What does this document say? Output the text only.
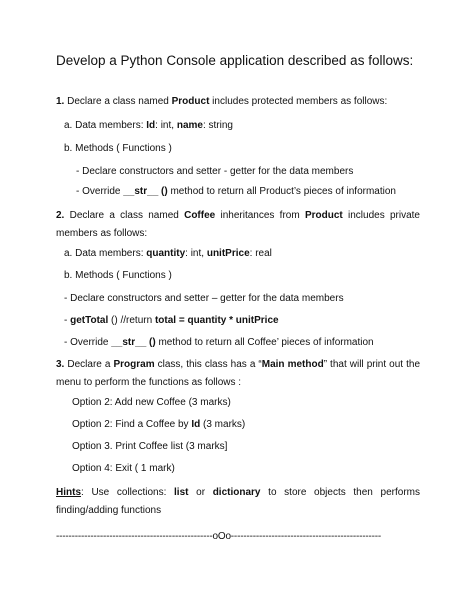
Develop a Python Console application described as follows:
1. Declare a class named Product includes protected members as follows:
a. Data members: Id: int, name: string
b. Methods ( Functions )
- Declare constructors and setter - getter for the data members
- Override __str__ () method to return all Product’s pieces of information
2. Declare a class named Coffee inheritances from Product includes private members as follows:
a. Data members: quantity: int, unitPrice: real
b. Methods ( Functions )
- Declare constructors and setter – getter for the data members
- getTotal () //return total = quantity * unitPrice
- Override __str__ () method to return all Coffee’ pieces of information
3. Declare a Program class, this class has a “Main method” that will print out the menu to perform the functions as follows :
Option 2: Add new Coffee (3 marks)
Option 2: Find a Coffee by Id (3 marks)
Option 3. Print Coffee list (3 marks]
Option 4: Exit ( 1 mark)
Hints: Use collections: list or dictionary to store objects then performs finding/adding functions
--------------------------------------------------oOo------------------------------------------------
